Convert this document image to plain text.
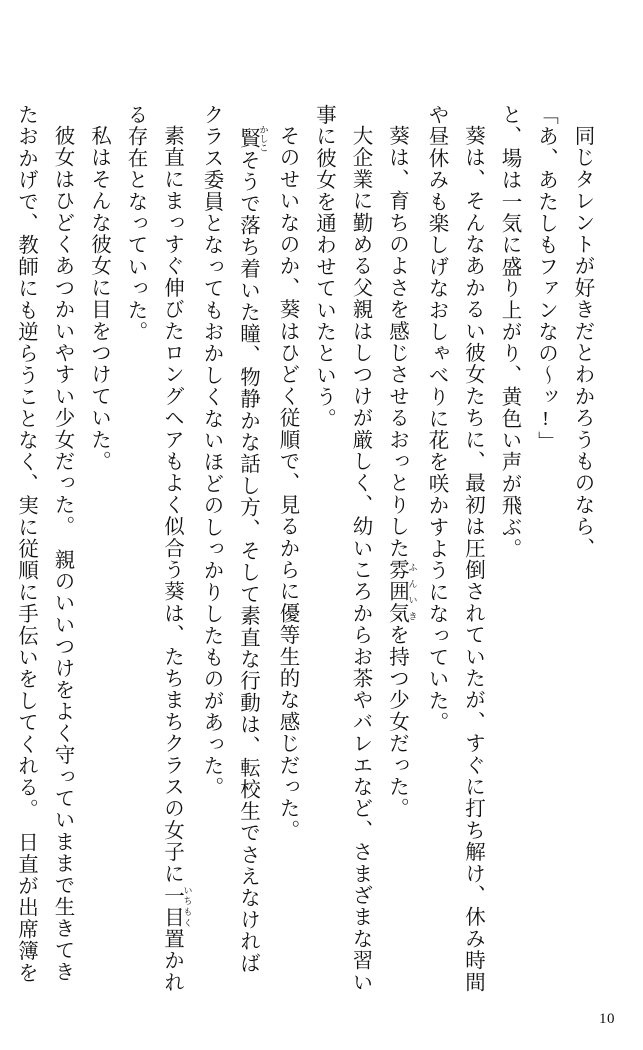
同じタレントが好きだとわかろうものなら、

「あ、あたしもファンなの〜ッ!」

と、場は一気に盛り上がり、黄色い声が飛ぶ。

葵は、そんなあかるい彼女たちに、最初は圧倒されていたが、すぐに打ち解け、休み時間や昼休みも楽しげなおしゃべりに花を咲かすようになっていた。

葵は、育ちのよさを感じさせるおっとりした雰囲気 ふんいきを持つ少女だった。

大企業に勤める父親はしつけが厳しく、幼いころからお茶やバレエなど、さまざまな習い事に彼女を通わせていたという。

そのせいなのか、葵はひどく従順で、見るからに優等生的な感じだった。

賢 かしこそうで落ち着いた瞳、物静かな話し方、そして素直な行動は、転校生でさえなければクラス委員となってもおかしくないほどのしっかりしたものがあった。

素直にまっすぐ伸びたロングヘアもよく似合う葵は、たちまちクラスの女子に一目 いちもく置かれる存在となっていった。

私はそんな彼女に目をつけていた。

彼女はひどくあつかいやすい少女だった。　親のいいつけをよく守っていままで生きてきたおかげで、教師にも逆らうことなく、実に従順に手伝いをしてくれる。　日直が出席簿を

10
